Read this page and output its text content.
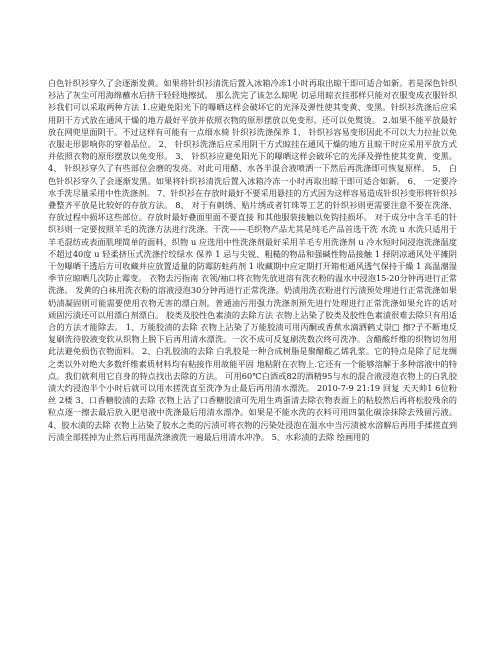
白色针织衫穿久了会逐渐发黄。如果将针织衫清洗后置入冰箱冷冻1小时再取出晾干即可适合如新。若是深色针织衫沾了灰尘可用海绵蘸水后挤干轻轻地擦拭。 那么洗完了该怎么晾呢 切忌用晾衣挂那样只能对衣服变成衣服针织衫我们可以采取两种方法 1.应避免阳光下的曝晒这样会破坏它的光泽及弹性使其变黄、变黑。针织衫洗涤后应采用阴干方式放在通风干燥的地方最好平放并依照衣物的原形摆放以免变形。还可以免熨烫。 2.如果不能平放最好放在网兜里面阴干。不过这样有可能有一点细水椅 针织衫洗涤保养 1、 针织衫容易变形因此不可以大力拉扯以免衣服走形影响你的穿着品位。 2、 针织衫洗涤后应采用阴干方式晾挂在通风干燥的地方且晾干时应采用平放方式并依照衣物的原形摆放以免变形。 3、 针织衫应避免阳光下的曝晒这样会破坏它的光泽及弹性使其变黄、变黑。 4、 针织衫穿久了有些部位会磨的发亮。对此可用醋、水各半混合液喷洒一下然后再洗涤即可恢复原样。 5、 白色针织衫穿久了会逐渐发黑。如果将针织衫清洗后置入冰箱冷冻一小时再取出晾干即可适合如新。 6、 一定要冷水手洗尽量采用中性洗涤剂。 7、针织衫在存放时最好不要采用悬挂的方式因为这样容易造成针织衫变形将针织衫叠整齐平放是比较好的存放方法。 8、 对于有刺绣、贴片绣或者钉珠等工艺的针织衫则更需要注意不要在洗涤、存放过程中损坏这些部位。存放时最好叠面里面不要直接 和其他服装接触以免钩挂损坏。 对于成分中含羊毛的针织衫则一定要按照羊毛的洗涤方法进行洗涤。干洗——毛织物产品尤其是纯毛产品首选干洗 水洗 u 水洗只适用于羊毛混纺或表面肌理简单的面料、织物 u 应选用中性洗涤剂最好采用羊毛专用洗涤剂 u 冷水短时间浸泡洗涤温度不超过40度 u 轻柔挤压式洗涤拧绞绿水 保养 1 忌与尖锐、粗糙的物品和强碱性物品接触 1 择阴凉通风处平摊阴干勿曝晒干透后方可收藏并应放置适量的防霉防蛀药剂 1 收藏期中应定期打开箱柜通风透气保持干燥 1 高温潮湿季节应晾晒几次防止霉变。 衣物去污指南 衣领/袖口将衣物先放进溶有洗衣粉的温水中浸泡15-20分钟再进行正常洗涤。 发黄的白袜用洗衣粉的溶液浸泡30分钟再进行正常洗涤。奶渍用洗衣粉进行污渍预处理进行正常洗涤如果奶渍凝固则可能需要使用衣物无害的漂白剂。普通油污用强力洗涤剂预先进行处理进行正常洗涤如果允许的话对顽固污渍还可以用漂白剂漂白。 胶类及胶性色素渍的去除方法 衣物上沾染了胶类及胶性色素渍很难去除只有用适合的方法才能除去。 1、万能胶渍的去除 衣物上沾染了万能胶渍可用丙酮或香蕉水滴洒鹤丈崇□ 擦?子不断地反复刷洗待胶液变软从织物上脱下后再用清水漂洗。一次不成可反复刷洗数次终可洗净。含醋酸纤维的织物切勿用此法避免损伤衣物面料。 2、白乳胶渍的去除 白乳胶是一种合成树脂是聚醋酸乙烯乳浆。它的特点是除了尼龙绸之类以外对绝大多数纤维素质材料均有粘接作用故能平固 地粘附在衣物上.它还有一个能够溶解于多种溶液中的特点。我们就利用它自身的特点找出去除的方法。 可用60℃白酒或82的酒精95与水的混合液浸泡衣物上的白乳胶渍大约浸泡半个小时后就可以用水搓洗直至洗净为止最后再用清水漂洗。 2010-7-9 21:19 回复 天天帅1 6位粉丝 2楼 3、口香糖胶渍的去除 衣物上沾了口香糖胶渍可先用生鸡蛋清去除衣物表面上的粘胶然后再将松胶残余的粒点逐一擦去最后放入肥皂液中洗涤最后用清水漂净。如果是不能水洗的衣料可用四氯化碳涂抹除去残留污液。 4、胶水渍的去除 衣物上沾染了胶水之类的污渍可将衣物的污染处浸泡在温水中当污渍被水溶解后再用手揉搓直到污渍全部搓掉为止然后再用温洗涤液洗一遍最后用清水冲净。 5、水彩渍的去除 绘画用的
